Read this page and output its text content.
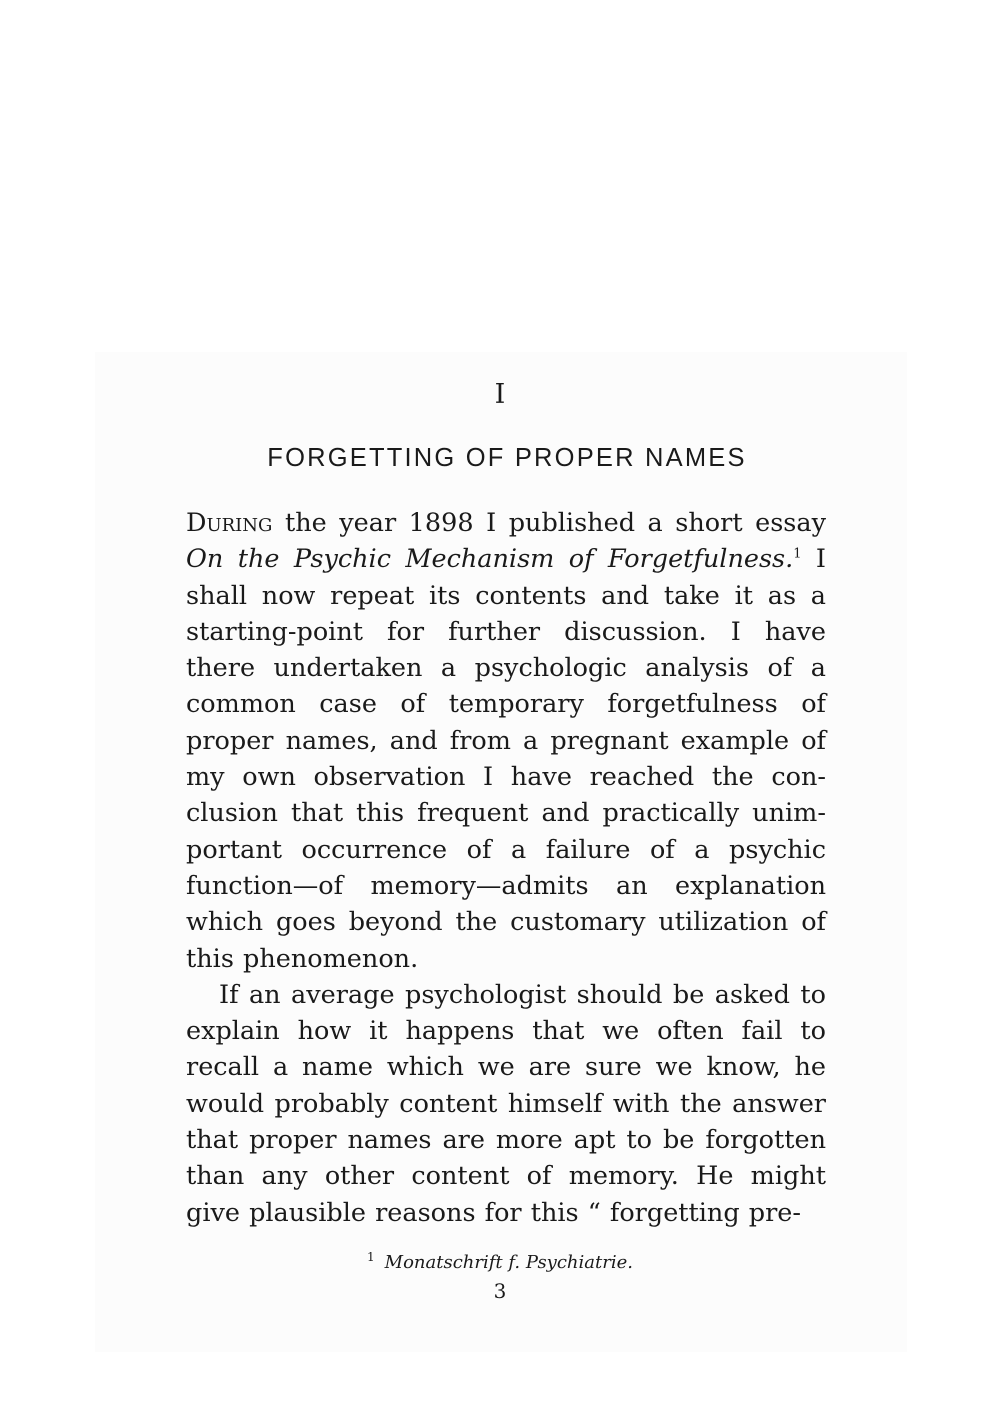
I
FORGETTING OF PROPER NAMES

During the year 1898 I published a short essay On the Psychic Mechanism of Forgetfulness.$^1$ I shall now repeat its contents and take it as a starting-point for further discussion. I have there undertaken a psychologic analysis of a common case of temporary forgetfulness of proper names, and from a pregnant example of my own observation I have reached the conclusion that this frequent and practically unimportant occurrence of a failure of a psychic function—of memory—admits an explanation which goes beyond the customary utilization of this phenomenon.

If an average psychologist should be asked to explain how it happens that we often fail to recall a name which we are sure we know, he would probably content himself with the answer that proper names are more apt to be forgotten than any other content of memory. He might give plausible reasons for this “ forgetting pre-

$^1$ Monatschrift f. Psychiatrie.
3
